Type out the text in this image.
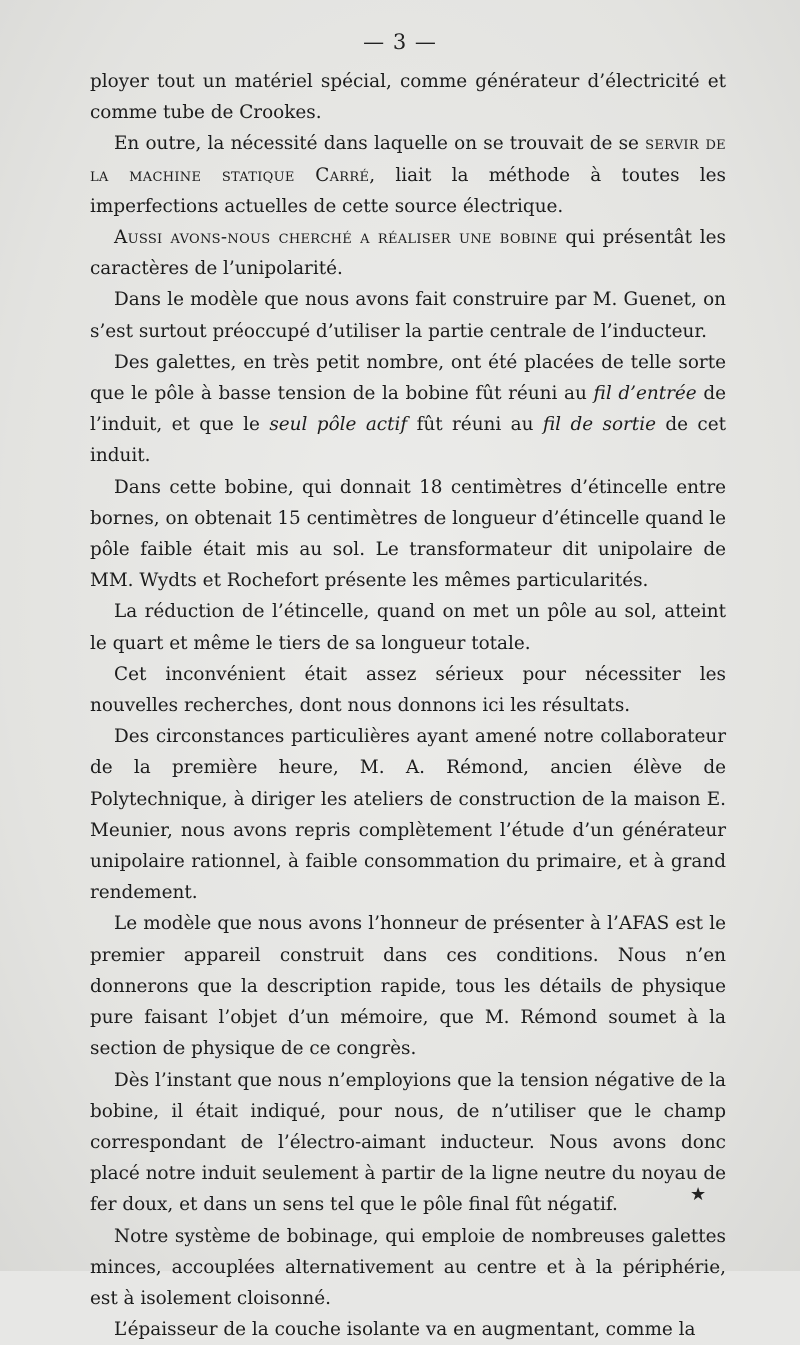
— 3 —

ployer tout un matériel spécial, comme générateur d’électricité et comme tube de Crookes.

En outre, la nécessité dans laquelle on se trouvait de se servir de la machine statique Carré, liait la méthode à toutes les imperfections actuelles de cette source électrique.

Aussi avons-nous cherché a réaliser une bobine qui présentât les caractères de l’unipolarité.

Dans le modèle que nous avons fait construire par M. Guenet, on s’est surtout préoccupé d’utiliser la partie centrale de l’inducteur.

Des galettes, en très petit nombre, ont été placées de telle sorte que le pôle à basse tension de la bobine fût réuni au fil d’entrée de l’induit, et que le seul pôle actif fût réuni au fil de sortie de cet induit.

Dans cette bobine, qui donnait 18 centimètres d’étincelle entre bornes, on obtenait 15 centimètres de longueur d’étincelle quand le pôle faible était mis au sol. Le transformateur dit unipolaire de MM. Wydts et Rochefort présente les mêmes particularités.

La réduction de l’étincelle, quand on met un pôle au sol, atteint le quart et même le tiers de sa longueur totale.

Cet inconvénient était assez sérieux pour nécessiter les nouvelles recherches, dont nous donnons ici les résultats.

Des circonstances particulières ayant amené notre collaborateur de la première heure, M. A. Rémond, ancien élève de Polytechnique, à diriger les ateliers de construction de la maison E. Meunier, nous avons repris complètement l’étude d’un générateur unipolaire rationnel, à faible consommation du primaire, et à grand rendement.

Le modèle que nous avons l’honneur de présenter à l’AFAS est le premier appareil construit dans ces conditions. Nous n’en donnerons que la description rapide, tous les détails de physique pure faisant l’objet d’un mémoire, que M. Rémond soumet à la section de physique de ce congrès.

Dès l’instant que nous n’employions que la tension négative de la bobine, il était indiqué, pour nous, de n’utiliser que le champ correspondant de l’électro-aimant inducteur. Nous avons donc placé notre induit seulement à partir de la ligne neutre du noyau de fer doux, et dans un sens tel que le pôle final fût négatif.

Notre système de bobinage, qui emploie de nombreuses galettes minces, accouplées alternativement au centre et à la périphérie, est à isolement cloisonné.

L’épaisseur de la couche isolante va en augmentant, comme la

★
